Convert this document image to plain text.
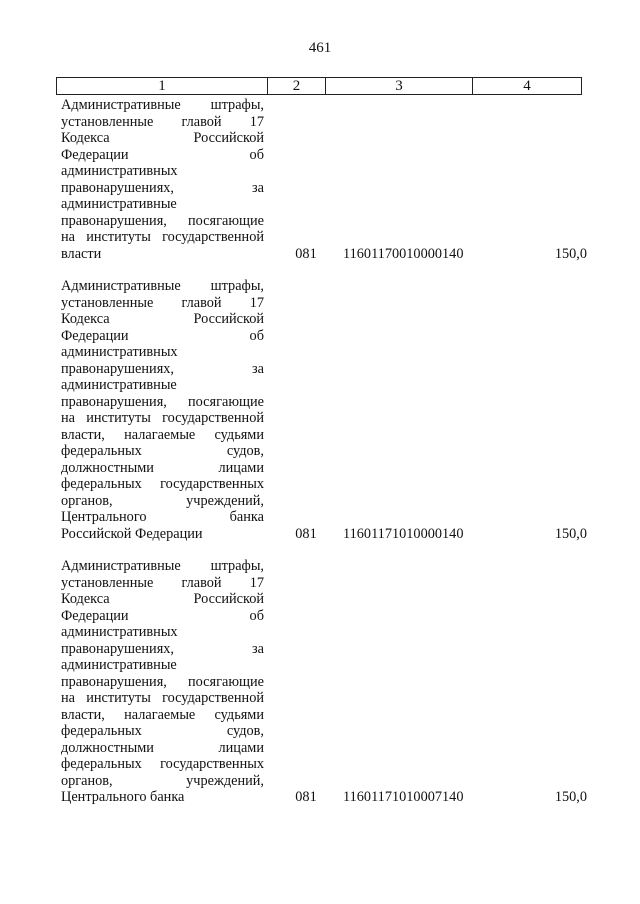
461
1	2	3	4
Административные штрафы,
установленные главой 17
Кодекса Российской
Федерации об
административных
правонарушениях, за
административные
правонарушения, посягающие
на институты государственной
власти	081	11601170010000140	150,0
Административные штрафы,
установленные главой 17
Кодекса Российской
Федерации об
административных
правонарушениях, за
административные
правонарушения, посягающие
на институты государственной
власти, налагаемые судьями
федеральных судов,
должностными лицами
федеральных государственных
органов, учреждений,
Центрального банка
Российской Федерации	081	11601171010000140	150,0
Административные штрафы,
установленные главой 17
Кодекса Российской
Федерации об
административных
правонарушениях, за
административные
правонарушения, посягающие
на институты государственной
власти, налагаемые судьями
федеральных судов,
должностными лицами
федеральных государственных
органов, учреждений,
Центрального банка	081	11601171010007140	150,0
